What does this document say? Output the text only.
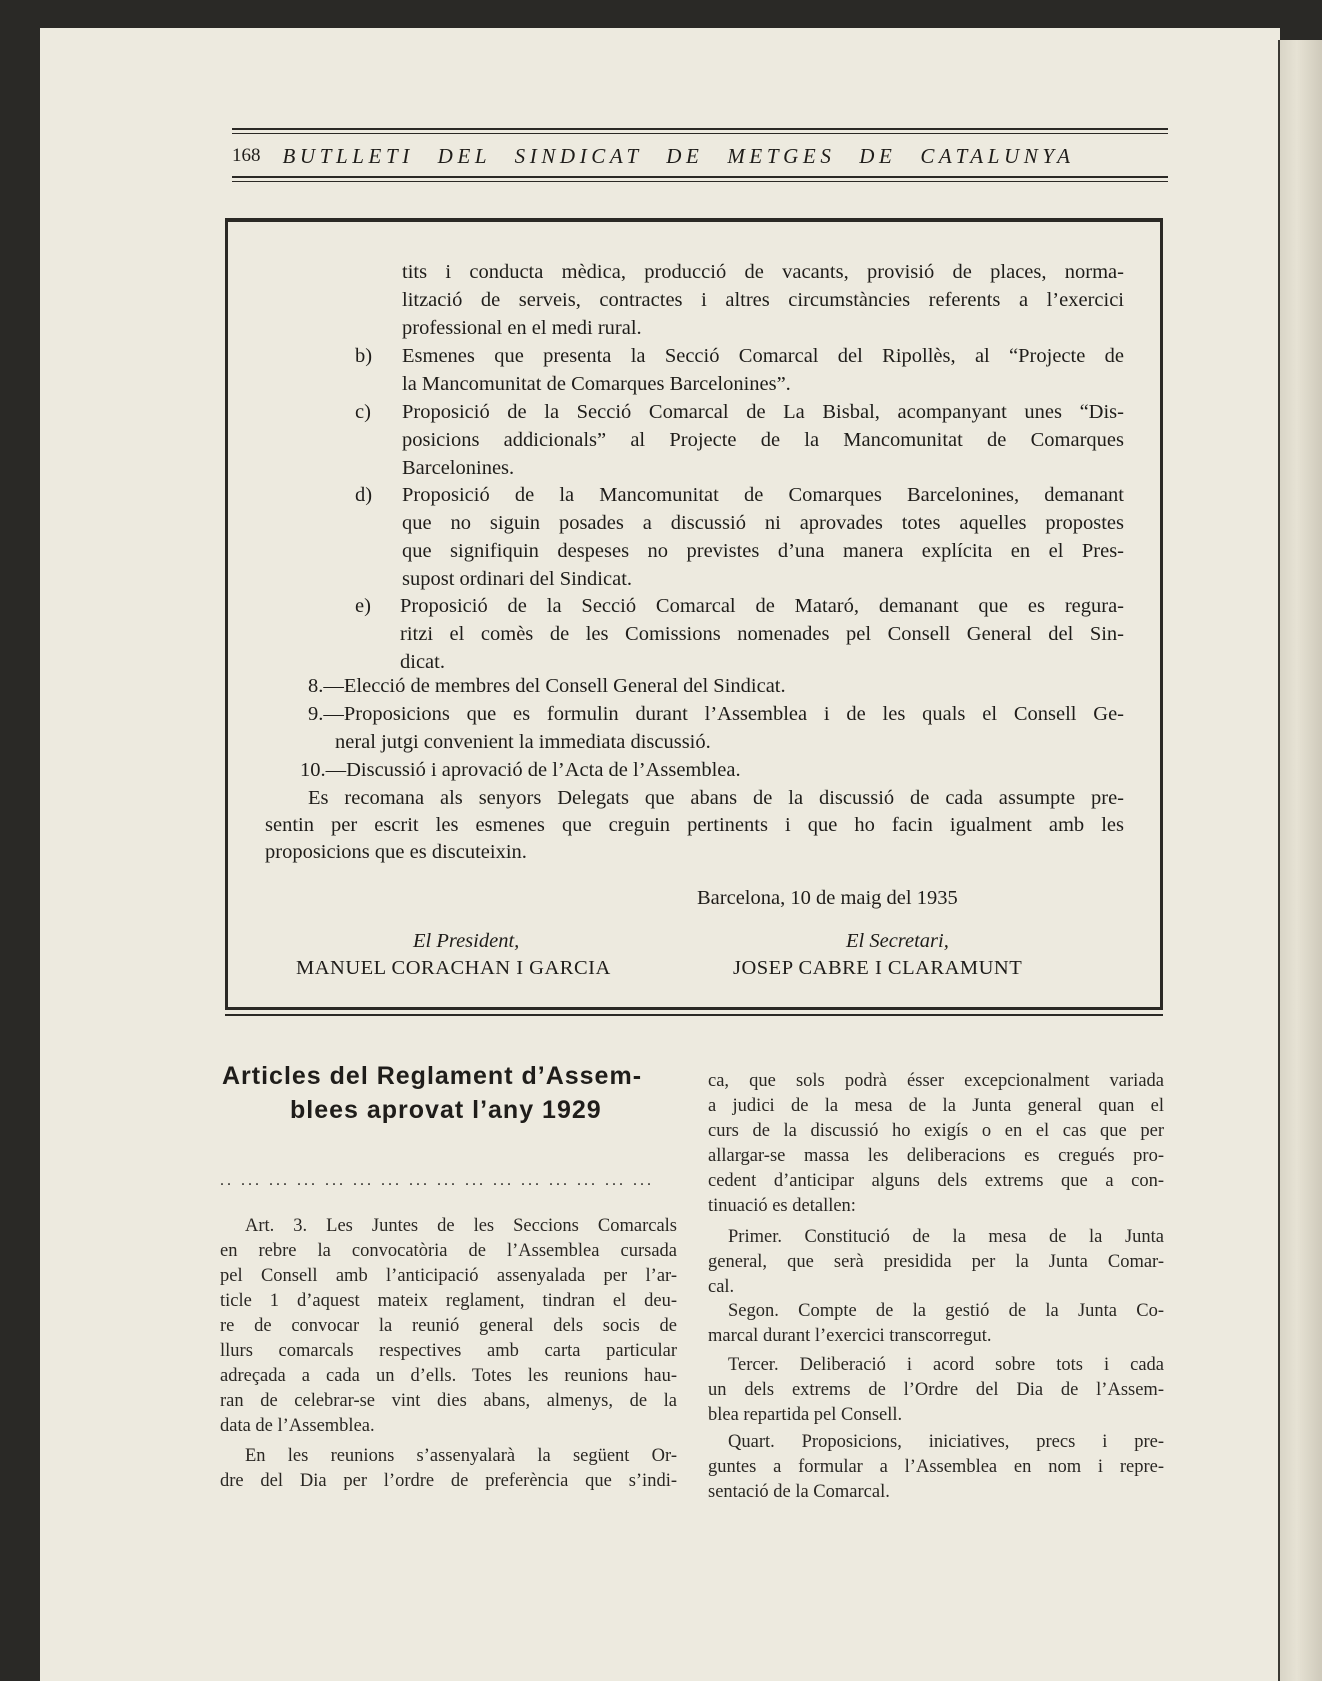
168 BUTLLETI DEL SINDICAT DE METGES DE CATALUNYA
tits i conducta mèdica, producció de vacants, provisió de places, norma-
lització de serveis, contractes i altres circumstàncies referents a l’exercici
professional en el medi rural.
b) Esmenes que presenta la Secció Comarcal del Ripollès, al “Projecte de
la Mancomunitat de Comarques Barcelonines”.
c) Proposició de la Secció Comarcal de La Bisbal, acompanyant unes “Dis-
posicions addicionals” al Projecte de la Mancomunitat de Comarques
Barcelonines.
d) Proposició de la Mancomunitat de Comarques Barcelonines, demanant
que no siguin posades a discussió ni aprovades totes aquelles propostes
que signifiquin despeses no previstes d’una manera explícita en el Pres-
supost ordinari del Sindicat.
e) Proposició de la Secció Comarcal de Mataró, demanant que es regura-
ritzi el comès de les Comissions nomenades pel Consell General del Sin-
dicat.
8.—Elecció de membres del Consell General del Sindicat.
9.—Proposicions que es formulin durant l’Assemblea i de les quals el Consell Ge-
neral jutgi convenient la immediata discussió.
10.—Discussió i aprovació de l’Acta de l’Assemblea.
Es recomana als senyors Delegats que abans de la discussió de cada assumpte pre-
sentin per escrit les esmenes que creguin pertinents i que ho facin igualment amb les
proposicions que es discuteixin.
Barcelona, 10 de maig del 1935
El President,
MANUEL CORACHAN I GARCIA
El Secretari,
JOSEP CABRE I CLARAMUNT
Articles del Reglament d’Assem-
blees aprovat l’any 1929
.. ... ... ... ... ... ... ... ... ... ... ... ... ... ... ...
Art. 3. Les Juntes de les Seccions Comarcals
en rebre la convocatòria de l’Assemblea cursada
pel Consell amb l’anticipació assenyalada per l’ar-
ticle 1 d’aquest mateix reglament, tindran el deu-
re de convocar la reunió general dels socis de
llurs comarcals respectives amb carta particular
adreçada a cada un d’ells. Totes les reunions hau-
ran de celebrar-se vint dies abans, almenys, de la
data de l’Assemblea.
En les reunions s’assenyalarà la següent Or-
dre del Dia per l’ordre de preferència que s’indi-
ca, que sols podrà ésser excepcionalment variada
a judici de la mesa de la Junta general quan el
curs de la discussió ho exigís o en el cas que per
allargar-se massa les deliberacions es cregués pro-
cedent d’anticipar alguns dels extrems que a con-
tinuació es detallen:
Primer. Constitució de la mesa de la Junta
general, que serà presidida per la Junta Comar-
cal.
Segon. Compte de la gestió de la Junta Co-
marcal durant l’exercici transcorregut.
Tercer. Deliberació i acord sobre tots i cada
un dels extrems de l’Ordre del Dia de l’Assem-
blea repartida pel Consell.
Quart. Proposicions, iniciatives, precs i pre-
guntes a formular a l’Assemblea en nom i repre-
sentació de la Comarcal.
